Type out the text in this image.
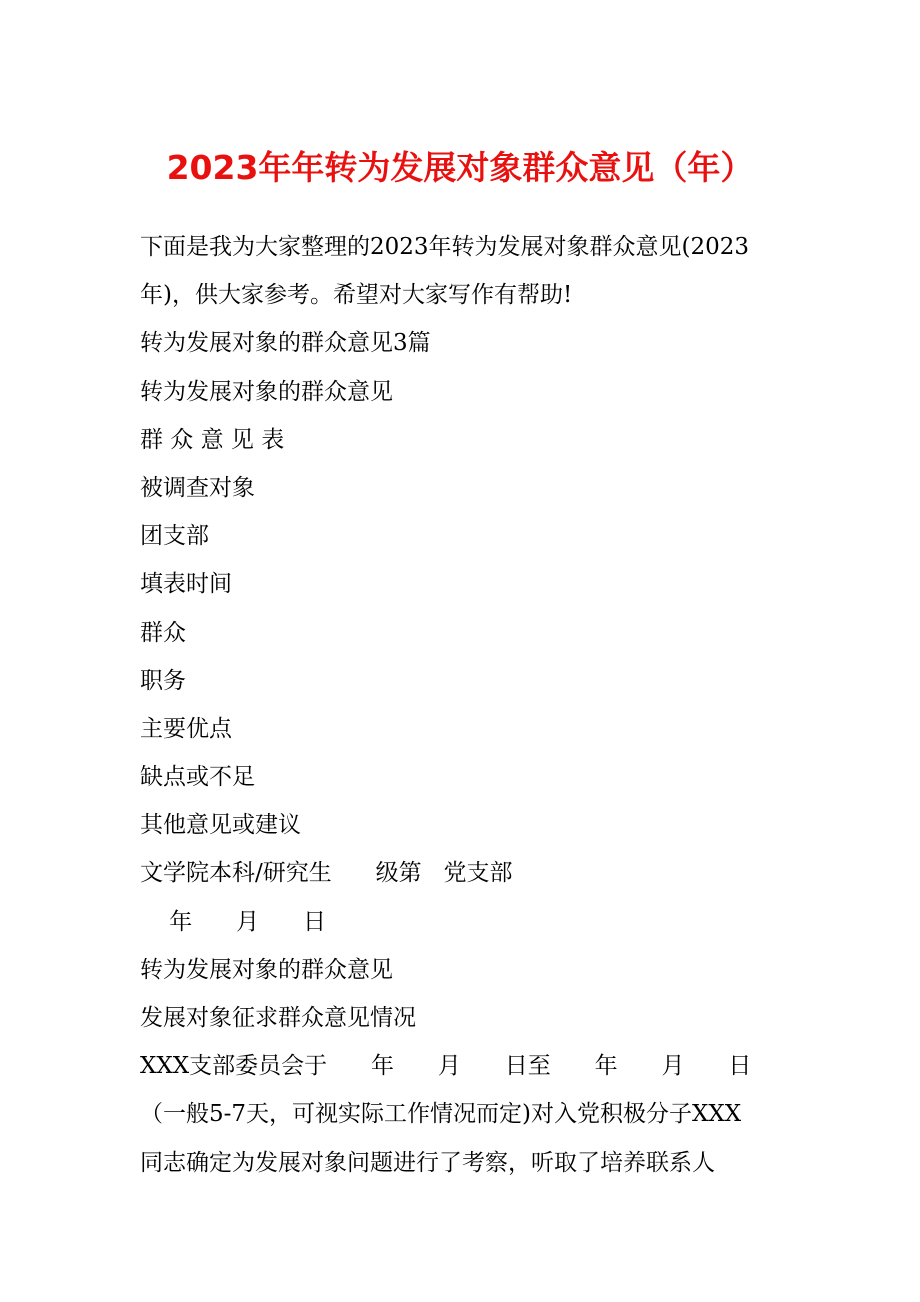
2023年年转为发展对象群众意见（年）
下面是我为大家整理的2023年转为发展对象群众意见(2023
年)，供大家参考。希望对大家写作有帮助!
转为发展对象的群众意见3篇
转为发展对象的群众意见
群 众 意 见 表
被调查对象
团支部
填表时间
群众
职务
主要优点
缺点或不足
其他意见或建议
文学院本科/研究生      级第   党支部
年      月      日
转为发展对象的群众意见
发展对象征求群众意见情况
XXX支部委员会于      年      月      日至      年      月      日
（一般5-7天，可视实际工作情况而定)对入党积极分子XXX
同志确定为发展对象问题进行了考察，听取了培养联系人
